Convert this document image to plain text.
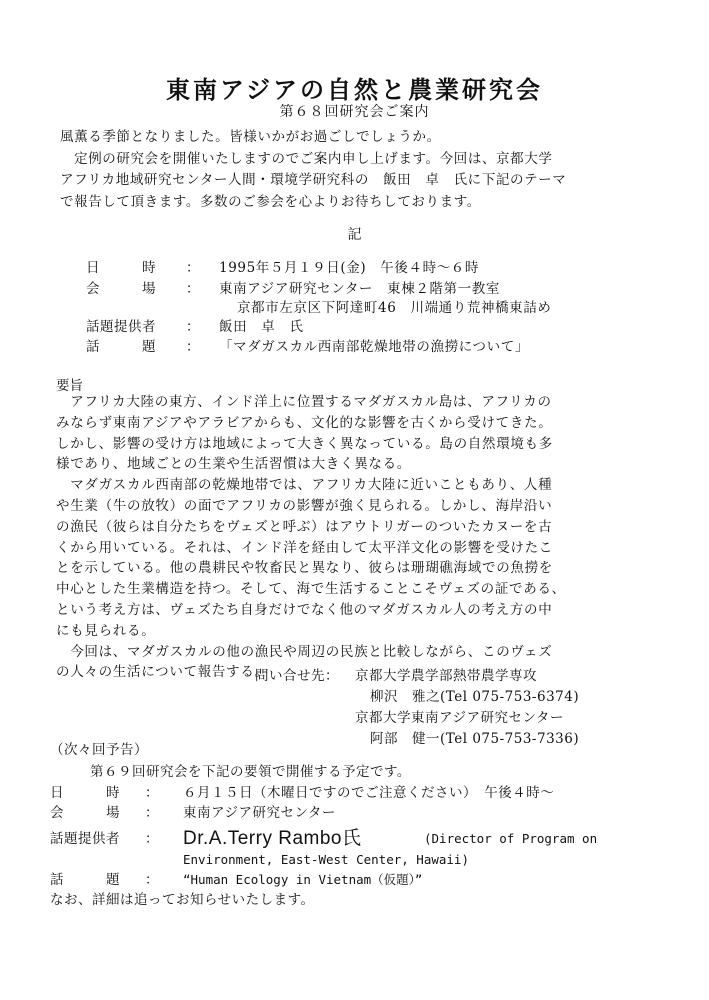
東南アジアの自然と農業研究会
第６８回研究会ご案内
風薫る季節となりました。皆様いかがお過ごしでしょうか。
　定例の研究会を開催いたしますのでご案内申し上げます。今回は、京都大学
アフリカ地域研究センター人間・環境学研究科の　飯田　卓　氏に下記のテーマ
で報告して頂きます。多数のご参会を心よりお待ちしております。
記
日　　　時	： 1995年５月１９日(金)　午後４時～６時
会　　　場	： 東南アジア研究センター　東棟２階第一教室
京都市左京区下阿達町46　川端通り荒神橋東詰め
話題提供者	： 飯田　卓　氏
話　　　題	： 「マダガスカル西南部乾燥地帯の漁撈について」
要旨
　アフリカ大陸の東方、インド洋上に位置するマダガスカル島は、アフリカの
みならず東南アジアやアラビアからも、文化的な影響を古くから受けてきた。
しかし、影響の受け方は地域によって大きく異なっている。島の自然環境も多
様であり、地域ごとの生業や生活習慣は大きく異なる。
　マダガスカル西南部の乾燥地帯では、アフリカ大陸に近いこともあり、人種
や生業（牛の放牧）の面でアフリカの影響が強く見られる。しかし、海岸沿い
の漁民（彼らは自分たちをヴェズと呼ぶ）はアウトリガーのついたカヌーを古
くから用いている。それは、インド洋を経由して太平洋文化の影響を受けたこ
とを示している。他の農耕民や牧畜民と異なり、彼らは珊瑚礁海域での魚撈を
中心とした生業構造を持つ。そして、海で生活することこそヴェズの証である、
という考え方は、ヴェズたち自身だけでなく他のマダガスカル人の考え方の中
にも見られる。
　今回は、マダガスカルの他の漁民や周辺の民族と比較しながら、このヴェズ
の人々の生活について報告する。
問い合せ先： 京都大学農学部熱帯農学専攻
柳沢　雅之(Tel 075-753-6374)
京都大学東南アジア研究センター
阿部　健一(Tel 075-753-7336)
（次々回予告）
第６９回研究会を下記の要領で開催する予定です。
日　　　時 ： ６月１５日（木曜日ですのでご注意ください）　午後４時～
会　　　場 ： 東南アジア研究センター
話題提供者 ： Dr.A.Terry Rambo氏	(Director of Program on
Environment, East-West Center, Hawaii)
話　　　題 ： “Human Ecology in Vietnam（仮題）”
なお、詳細は追ってお知らせいたします。
